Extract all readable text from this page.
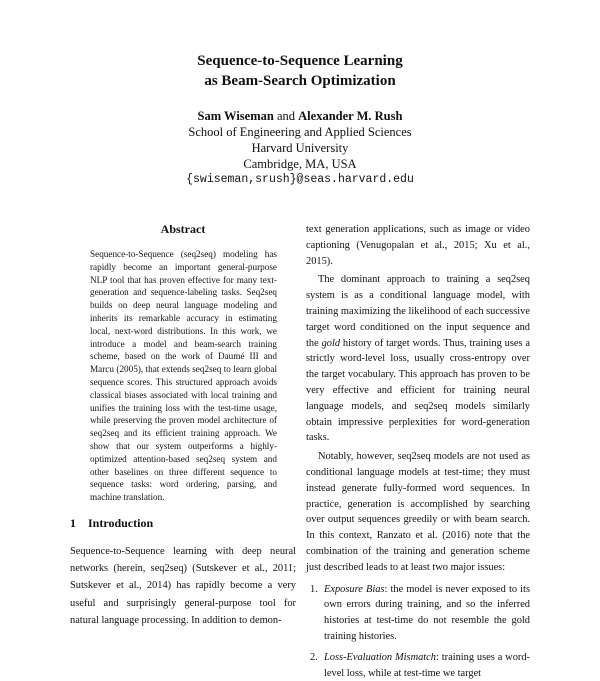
Sequence-to-Sequence Learning
as Beam-Search Optimization
Sam Wiseman and Alexander M. Rush
School of Engineering and Applied Sciences
Harvard University
Cambridge, MA, USA
{swiseman,srush}@seas.harvard.edu
Abstract
Sequence-to-Sequence (seq2seq) modeling has rapidly become an important general-purpose NLP tool that has proven effective for many text-generation and sequence-labeling tasks. Seq2seq builds on deep neural language modeling and inherits its remarkable accuracy in estimating local, next-word distributions. In this work, we introduce a model and beam-search training scheme, based on the work of Daumé III and Marcu (2005), that extends seq2seq to learn global sequence scores. This structured approach avoids classical biases associated with local training and unifies the training loss with the test-time usage, while preserving the proven model architecture of seq2seq and its efficient training approach. We show that our system outperforms a highly-optimized attention-based seq2seq system and other baselines on three different sequence to sequence tasks: word ordering, parsing, and machine translation.
1 Introduction
Sequence-to-Sequence learning with deep neural networks (herein, seq2seq) (Sutskever et al., 2011; Sutskever et al., 2014) has rapidly become a very useful and surprisingly general-purpose tool for natural language processing. In addition to demon-

text generation applications, such as image or video captioning (Venugopalan et al., 2015; Xu et al., 2015).

The dominant approach to training a seq2seq system is as a conditional language model, with training maximizing the likelihood of each successive target word conditioned on the input sequence and the gold history of target words. Thus, training uses a strictly word-level loss, usually cross-entropy over the target vocabulary. This approach has proven to be very effective and efficient for training neural language models, and seq2seq models similarly obtain impressive perplexities for word-generation tasks.

Notably, however, seq2seq models are not used as conditional language models at test-time; they must instead generate fully-formed word sequences. In practice, generation is accomplished by searching over output sequences greedily or with beam search. In this context, Ranzato et al. (2016) note that the combination of the training and generation scheme just described leads to at least two major issues:

1. Exposure Bias: the model is never exposed to its own errors during training, and so the inferred histories at test-time do not resemble the gold training histories.
2. Loss-Evaluation Mismatch: training uses a word-level loss, while at test-time we target
